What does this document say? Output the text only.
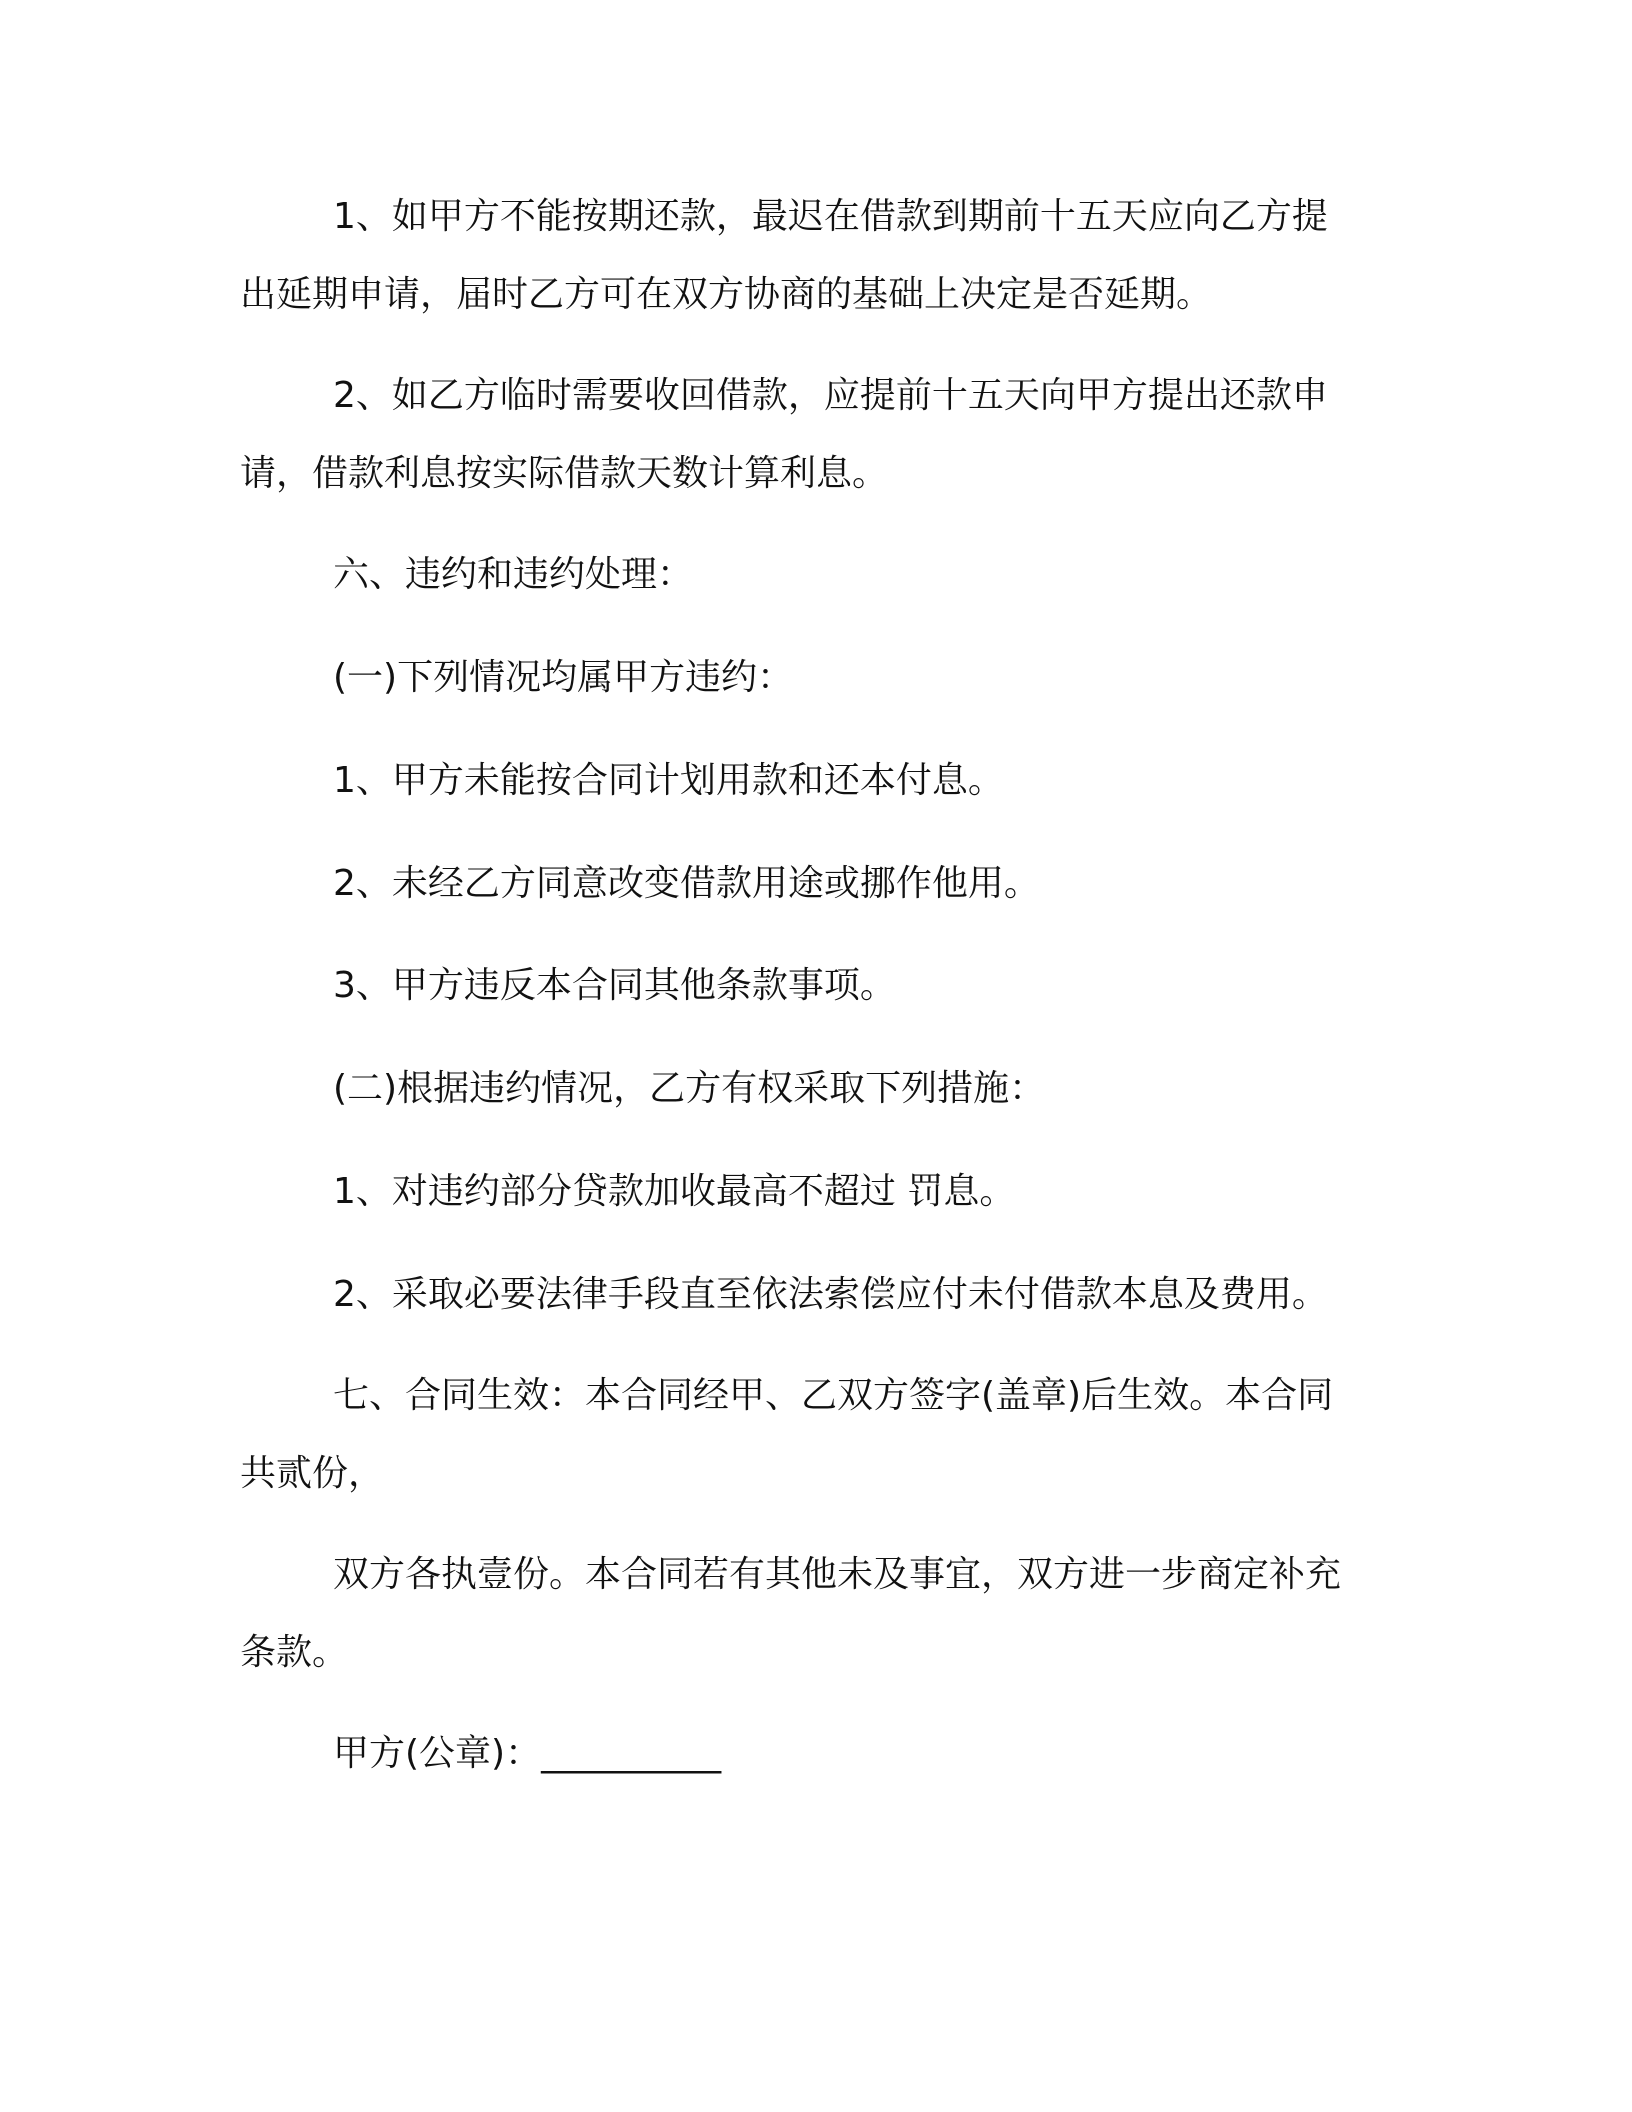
1、如甲方不能按期还款，最迟在借款到期前十五天应向乙方提

出延期申请，届时乙方可在双方协商的基础上决定是否延期。

2、如乙方临时需要收回借款，应提前十五天向甲方提出还款申

请，借款利息按实际借款天数计算利息。

六、违约和违约处理：

(一)下列情况均属甲方违约：

1、甲方未能按合同计划用款和还本付息。

2、未经乙方同意改变借款用途或挪作他用。

3、甲方违反本合同其他条款事项。

(二)根据违约情况，乙方有权采取下列措施：

1、对违约部分贷款加收最高不超过 罚息。

2、采取必要法律手段直至依法索偿应付未付借款本息及费用。

七、合同生效：本合同经甲、乙双方签字(盖章)后生效。本合同

共贰份，

双方各执壹份。本合同若有其他未及事宜，双方进一步商定补充

条款。

甲方(公章)：__________
